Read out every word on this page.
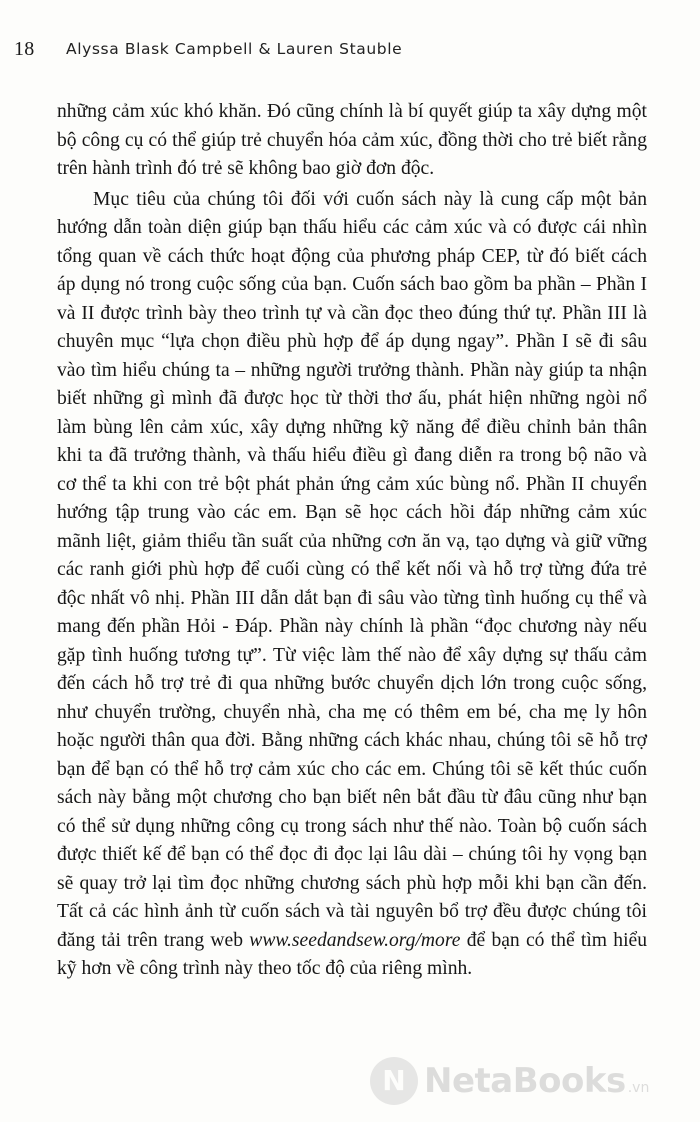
18 Alyssa Blask Campbell & Lauren Stauble

những cảm xúc khó khăn. Đó cũng chính là bí quyết giúp ta xây dựng một bộ công cụ có thể giúp trẻ chuyển hóa cảm xúc, đồng thời cho trẻ biết rằng trên hành trình đó trẻ sẽ không bao giờ đơn độc.

Mục tiêu của chúng tôi đối với cuốn sách này là cung cấp một bản hướng dẫn toàn diện giúp bạn thấu hiểu các cảm xúc và có được cái nhìn tổng quan về cách thức hoạt động của phương pháp CEP, từ đó biết cách áp dụng nó trong cuộc sống của bạn. Cuốn sách bao gồm ba phần – Phần I và II được trình bày theo trình tự và cần đọc theo đúng thứ tự. Phần III là chuyên mục “lựa chọn điều phù hợp để áp dụng ngay”. Phần I sẽ đi sâu vào tìm hiểu chúng ta – những người trưởng thành. Phần này giúp ta nhận biết những gì mình đã được học từ thời thơ ấu, phát hiện những ngòi nổ làm bùng lên cảm xúc, xây dựng những kỹ năng để điều chỉnh bản thân khi ta đã trưởng thành, và thấu hiểu điều gì đang diễn ra trong bộ não và cơ thể ta khi con trẻ bột phát phản ứng cảm xúc bùng nổ. Phần II chuyển hướng tập trung vào các em. Bạn sẽ học cách hồi đáp những cảm xúc mãnh liệt, giảm thiểu tần suất của những cơn ăn vạ, tạo dựng và giữ vững các ranh giới phù hợp để cuối cùng có thể kết nối và hỗ trợ từng đứa trẻ độc nhất vô nhị. Phần III dẫn dắt bạn đi sâu vào từng tình huống cụ thể và mang đến phần Hỏi - Đáp. Phần này chính là phần “đọc chương này nếu gặp tình huống tương tự”. Từ việc làm thế nào để xây dựng sự thấu cảm đến cách hỗ trợ trẻ đi qua những bước chuyển dịch lớn trong cuộc sống, như chuyển trường, chuyển nhà, cha mẹ có thêm em bé, cha mẹ ly hôn hoặc người thân qua đời. Bằng những cách khác nhau, chúng tôi sẽ hỗ trợ bạn để bạn có thể hỗ trợ cảm xúc cho các em. Chúng tôi sẽ kết thúc cuốn sách này bằng một chương cho bạn biết nên bắt đầu từ đâu cũng như bạn có thể sử dụng những công cụ trong sách như thế nào. Toàn bộ cuốn sách được thiết kế để bạn có thể đọc đi đọc lại lâu dài – chúng tôi hy vọng bạn sẽ quay trở lại tìm đọc những chương sách phù hợp mỗi khi bạn cần đến. Tất cả các hình ảnh từ cuốn sách và tài nguyên bổ trợ đều được chúng tôi đăng tải trên trang web www.seedandsew.org/more để bạn có thể tìm hiểu kỹ hơn về công trình này theo tốc độ của riêng mình.

N
NetaBooks .vn
